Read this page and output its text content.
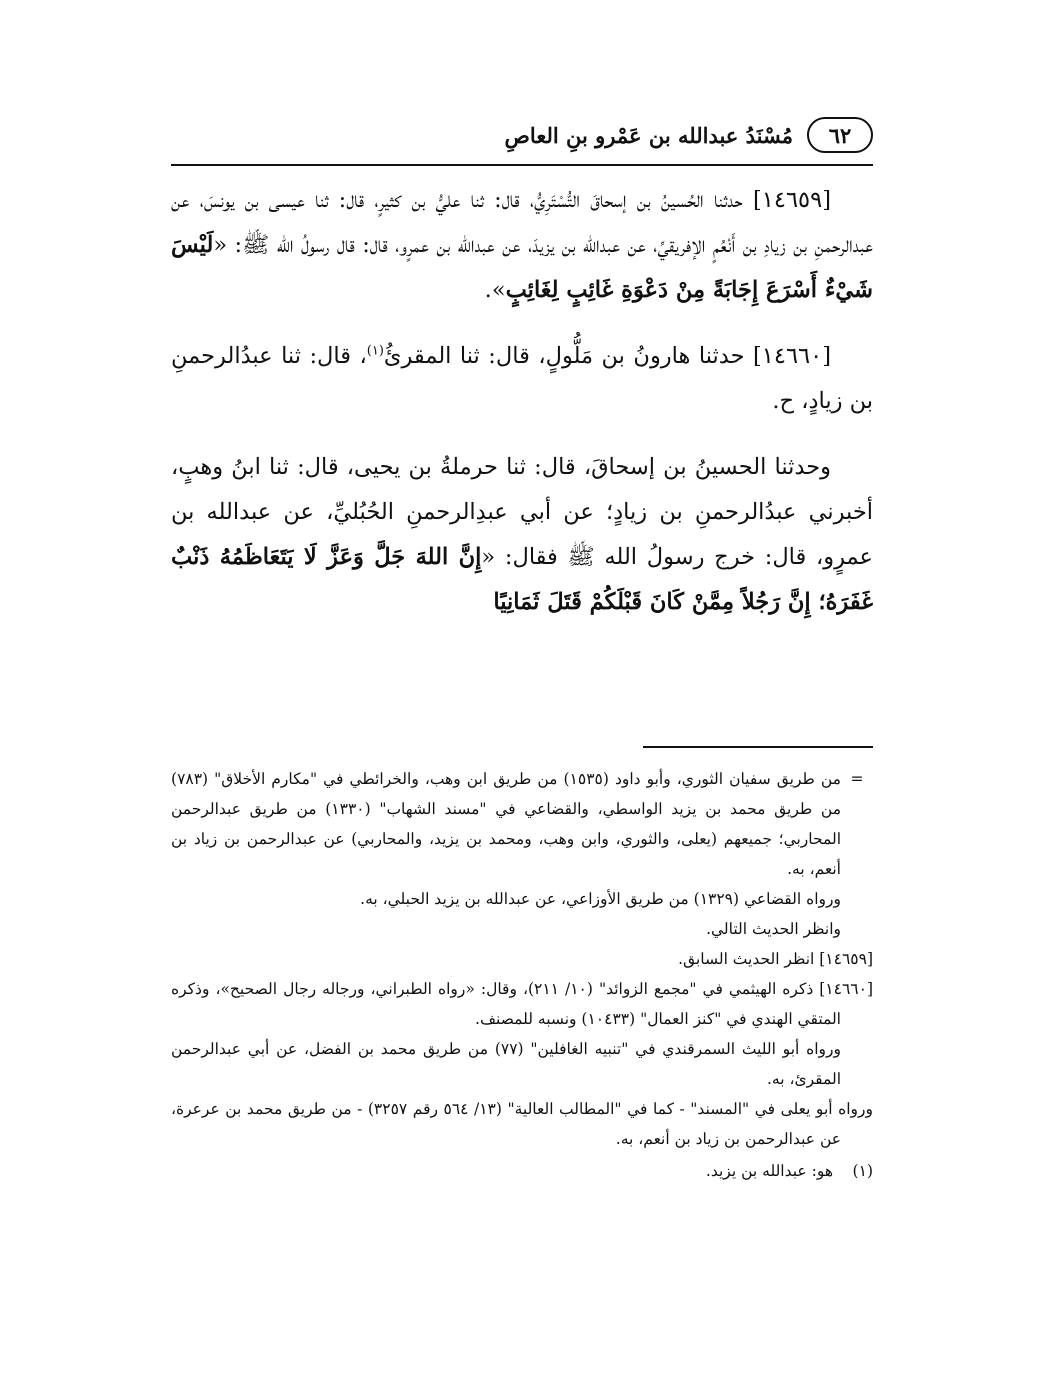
٦٢
مُسْنَدُ عبدالله بن عَمْرو بنِ العاصِ

[١٤٦٥٩] حدثنا الحُسينُ بن إسحاقَ التُّسْتَرِيُّ، قال: ثنا عليُّ بن كثيرٍ، قال: ثنا عيسى بن يونسَ، عن عبدالرحمنِ بن زيادِ بن أَنْعُمٍ الإفريقيِّ، عن عبدالله بن يزيدَ، عن عبدالله بن عمرٍو، قال: قال رسولُ الله ﷺ: «لَيْسَ شَيْءٌ أَسْرَعَ إِجَابَةً مِنْ دَعْوَةِ غَائِبٍ لِغَائِبٍ».

[١٤٦٦٠] حدثنا هارونُ بن مَلُّولٍ، قال: ثنا المقرئُ$^{(١)}$، قال: ثنا عبدُالرحمنِ بن زيادٍ، ح.

وحدثنا الحسينُ بن إسحاقَ، قال: ثنا حرملةُ بن يحيى، قال: ثنا ابنُ وهبٍ، أخبرني عبدُالرحمنِ بن زيادٍ؛ عن أبي عبدِالرحمنِ الحُبُليِّ، عن عبدالله بن عمرٍو، قال: خرج رسولُ الله ﷺ فقال: «إِنَّ اللهَ جَلَّ وَعَزَّ لَا يَتَعَاظَمُهُ ذَنْبٌ غَفَرَهُ؛ إِنَّ رَجُلاً مِمَّنْ كَانَ قَبْلَكُمْ قَتَلَ ثَمَانِيًا

=

من طريق سفيان الثوري، وأبو داود (١٥٣٥) من طريق ابن وهب، والخرائطي في "مكارم الأخلاق" (٧٨٣) من طريق محمد بن يزيد الواسطي، والقضاعي في "مسند الشهاب" (١٣٣٠) من طريق عبدالرحمن المحاربي؛ جميعهم (يعلى، والثوري، وابن وهب، ومحمد بن يزيد، والمحاربي) عن عبدالرحمن بن زياد بن أنعم، به.

ورواه القضاعي (١٣٢٩) من طريق الأوزاعي، عن عبدالله بن يزيد الحبلي، به.

وانظر الحديث التالي.

[١٤٦٥٩] انظر الحديث السابق.

[١٤٦٦٠] ذكره الهيثمي في "مجمع الزوائد" (١٠/ ٢١١)، وقال: «رواه الطبراني، ورجاله رجال الصحيح»، وذكره المتقي الهندي في "كنز العمال" (١٠٤٣٣) ونسبه للمصنف.

ورواه أبو الليث السمرقندي في "تنبيه الغافلين" (٧٧) من طريق محمد بن الفضل، عن أبي عبدالرحمن المقرئ، به.

ورواه أبو يعلى في "المسند" - كما في "المطالب العالية" (١٣/ ٥٦٤ رقم ٣٢٥٧) - من طريق محمد بن عرعرة، عن عبدالرحمن بن زياد بن أنعم، به.

(١)
هو: عبدالله بن يزيد.
